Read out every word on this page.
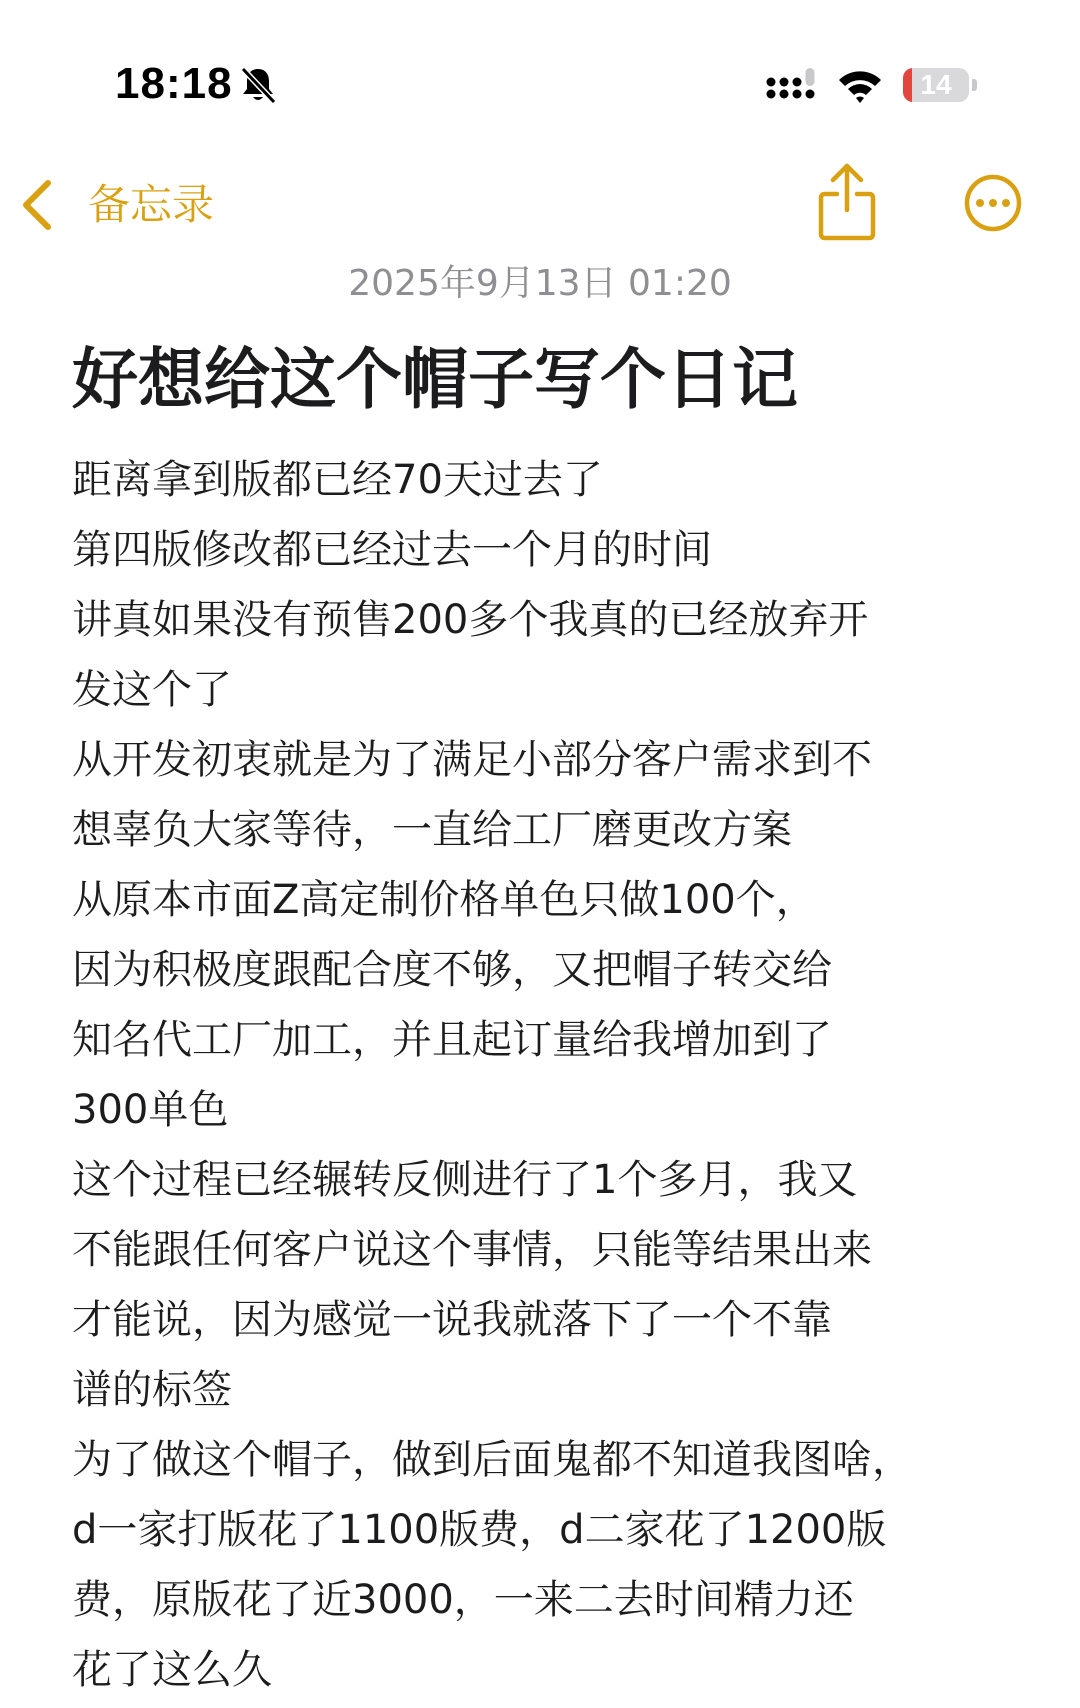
18:18	14
备忘录
2025年9月13日 01:20
好想给这个帽子写个日记
距离拿到版都已经70天过去了
第四版修改都已经过去一个月的时间
讲真如果没有预售200多个我真的已经放弃开
发这个了
从开发初衷就是为了满足小部分客户需求到不
想辜负大家等待，一直给工厂磨更改方案
从原本市面Z高定制价格单色只做100个，
因为积极度跟配合度不够，又把帽子转交给
知名代工厂加工，并且起订量给我增加到了
300单色
这个过程已经辗转反侧进行了1个多月，我又
不能跟任何客户说这个事情，只能等结果出来
才能说，因为感觉一说我就落下了一个不靠
谱的标签
为了做这个帽子，做到后面鬼都不知道我图啥，
d一家打版花了1100版费，d二家花了1200版
费，原版花了近3000，一来二去时间精力还
花了这么久
